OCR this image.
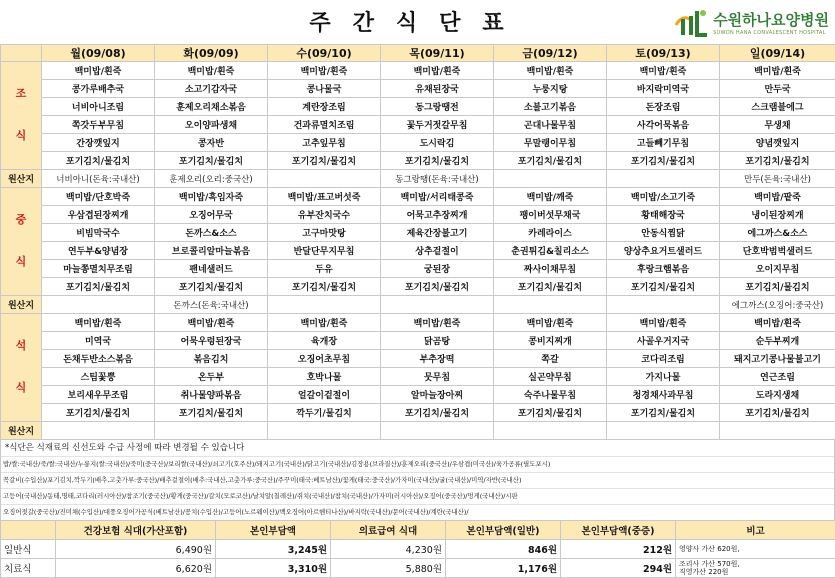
주간식단표	수원하나요양병원
SUWON HANA CONVALESCENT HOSPITAL
	월(09/08)	화(09/09)	수(09/10)	목(09/11)	금(09/12)	토(09/13)	일(09/14)
조

식	백미밥/흰죽	백미밥/흰죽	백미밥/흰죽	백미밥/흰죽	백미밥/흰죽	백미밥/흰죽	백미밥/흰죽
	콩가루배추국	소고기감자국	콩나물국	유채된장국	누룽지탕	바지락미역국	만두국
	너비아니조림	훈제오리채소볶음	계란장조림	동그랑땡전	소불고기볶음	돈장조림	스크램블에그
	쪽갓두부무침	오이양파생채	건과류멸치조림	꽃두거젓갈무침	곤대나물무침	사각어묵볶음	무생채
	간장깻잎지	콩자반	고추잎무침	도시락김	무말랭이무침	고들빼기무침	양념깻잎지
	포기김치/물김치	포기김치/물김치	포기김치/물김치	포기김치/물김치	포기김치/물김치	포기김치/물김치	포기김치/물김치
원산지	너비아니(돈육:국내산)	훈제오리(오리:중국산)		동그랑땡(돈육:국내산)			만두(돈육:국내산)
중

식	백미밥/단호박죽	백미밥/흑임자죽	백미밥/표고버섯죽	백미밥/서리태콩죽	백미밥/깨죽	백미밥/소고기죽	백미밥/팥죽
	우삼겹된장찌개	오징어무국	유부잔치국수	어묵고추장찌개	팽이버섯무채국	황태해장국	냉이된장찌개
	비빔막국수	돈까스&소스	고구마맛탕	제육간장불고기	카레라이스	안동식찜닭	에그까스&소스
	연두부&양념장	브로콜리알마늘볶음	반달단무지무침	상추겉절이	춘권튀김&칠리소스	양상추요거트샐러드	단호박범벅샐러드
	마늘쫑멸치무조림	팬네샐러드	두유	궁된장	짜사이채무침	후랑크햄볶음	오이지무침
	포기김치/물김치	포기김치/물김치	포기김치/물김치	포기김치/물김치	포기김치/물김치	포기김치/물김치	포기김치/물김치
원산지		돈까스(돈육:국내산)					에그까스(오징어:중국산)
석

식	백미밥/흰죽	백미밥/흰죽	백미밥/흰죽	백미밥/흰죽	백미밥/흰죽	백미밥/흰죽	백미밥/흰죽
	미역국	어묵우렁된장국	육개장	닭곰탕	콩비지찌개	사골우거지국	순두부찌개
	돈채두반소스볶음	볶음김치	오징어초무침	부추장떡	쪽갈	코다리조림	돼지고기콩나물불고기
	스팀꽃뿡	온두부	호박나물	뭇무침	실곤약무침	가지나물	연근조림
	보리새우무조림	취나물양파볶음	얼갈이겉절이	알마늘장아찌	숙주나물무침	청경채사과무침	도라지생채
	포기김치/물김치	포기김치/물김치	깍두기/물김치	포기김치/물김치	포기김치/물김치	포기김치/물김치	포기김치/물김치
원산지							
*식단은 식재료의 신선도와 수급 사정에 따라 변경될 수 있습니다
밥/쌀:국내산/죽/쌀:국내산/누룽지(쌀:국내산)/죽미(중국산)/보리쌀(국내산)/쇠고기(호주산)/돼지고기(국내산)/닭고기(국내산)/김장용(브라질산)/훈제오리(중국산)/우삼겹(미국산)/육가공류(필도포시)
꼭갈비(수입산)/포기김치,깍두기(배추,고춧가루:중국산)/배추겉절이(배추:국내산,고춧가루:중국산)/주꾸미(태국:베트남산)/꽃게(태국:중국산)/가자미(국내산)/굴(국내산)/미역/자반(국내산)
고등어(국내산)/동태,명태,코다리(러시아산)/참조기(중국산)/황게(중국산)/갈치(모로코산)/날치알(칠레산)/쥐치(국내산)/참치(국내산)/가자미(러시아산)/오징어(중국산)/멍게(국내산)/시판
오징어젓갈(중국산)/진미채(수입산)/대풍오징어가공식(베트남산)/꽁치(수입산)/고등어(노르웨이산)/백오징어(아르헨티나산)/바지락(국내산)/문어(국내산)/계란(국내산)/
	건강보험 식대(가산포함)	본인부담액	의료급여 식대	본인부담액(일반)	본인부담액(중증)	비고
일반식	6,490원	3,245원	4,230원	846원	212원	영양사 가산 620원,
치료식	6,620원	3,310원	5,880원	1,176원	294원	조리사 가산 570원,
직영가산 220원
